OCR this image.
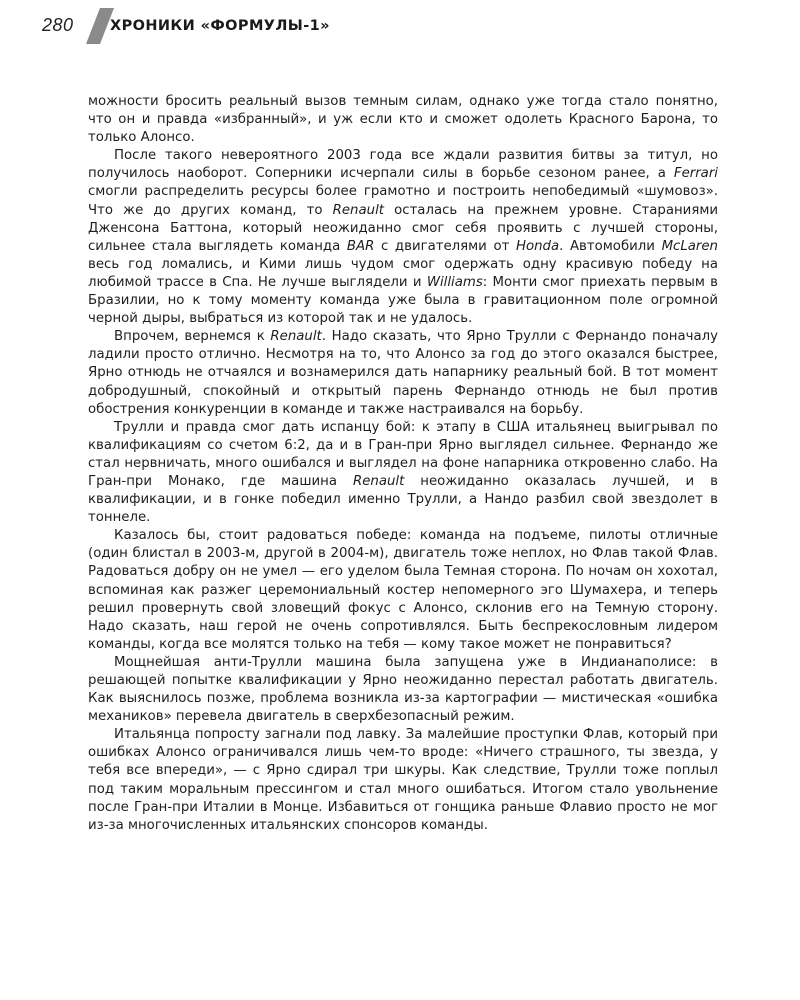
280	ХРОНИКИ «ФОРМУЛЫ-1»

можности бросить реальный вызов темным силам, однако уже тогда стало понятно, что он и правда «избранный», и уж если кто и сможет одолеть Красного Барона, то только Алонсо.

После такого невероятного 2003 года все ждали развития битвы за титул, но получилось наоборот. Соперники исчерпали силы в борьбе сезоном ранее, а Ferrari смогли распределить ресурсы более грамотно и построить непобедимый «шумовоз». Что же до других команд, то Renault осталась на прежнем уровне. Стараниями Дженсона Баттона, который неожиданно смог себя проявить с лучшей стороны, сильнее стала выглядеть команда BAR с двигателями от Honda. Автомобили McLaren весь год ломались, и Кими лишь чудом смог одержать одну красивую победу на любимой трассе в Спа. Не лучше выглядели и Williams: Монти смог приехать первым в Бразилии, но к тому моменту команда уже была в гравитационном поле огромной черной дыры, выбраться из которой так и не удалось.

Впрочем, вернемся к Renault. Надо сказать, что Ярно Трулли с Фернандо поначалу ладили просто отлично. Несмотря на то, что Алонсо за год до этого оказался быстрее, Ярно отнюдь не отчаялся и вознамерился дать напарнику реальный бой. В тот момент добродушный, спокойный и открытый парень Фернандо отнюдь не был против обострения конкуренции в команде и также настраивался на борьбу.

Трулли и правда смог дать испанцу бой: к этапу в США итальянец выигрывал по квалификациям со счетом 6:2, да и в Гран-при Ярно выглядел сильнее. Фернандо же стал нервничать, много ошибался и выглядел на фоне напарника откровенно слабо. На Гран-при Монако, где машина Renault неожиданно оказалась лучшей, и в квалификации, и в гонке победил именно Трулли, а Нандо разбил свой звездолет в тоннеле.

Казалось бы, стоит радоваться победе: команда на подъеме, пилоты отличные (один блистал в 2003-м, другой в 2004-м), двигатель тоже неплох, но Флав такой Флав. Радоваться добру он не умел — его уделом была Темная сторона. По ночам он хохотал, вспоминая как разжег церемониальный костер непомерного эго Шумахера, и теперь решил провернуть свой зловещий фокус с Алонсо, склонив его на Темную сторону. Надо сказать, наш герой не очень сопротивлялся. Быть беспрекословным лидером команды, когда все молятся только на тебя — кому такое может не понравиться?

Мощнейшая анти-Трулли машина была запущена уже в Индианаполисе: в решающей попытке квалификации у Ярно неожиданно перестал работать двигатель. Как выяснилось позже, проблема возникла из-за картографии — мистическая «ошибка механиков» перевела двигатель в сверхбезопасный режим.

Итальянца попросту загнали под лавку. За малейшие проступки Флав, который при ошибках Алонсо ограничивался лишь чем-то вроде: «Ничего страшного, ты звезда, у тебя все впереди», — с Ярно сдирал три шкуры. Как следствие, Трулли тоже поплыл под таким моральным прессингом и стал много ошибаться. Итогом стало увольнение после Гран-при Италии в Монце. Избавиться от гонщика раньше Флавио просто не мог из-за многочисленных итальянских спонсоров команды.
